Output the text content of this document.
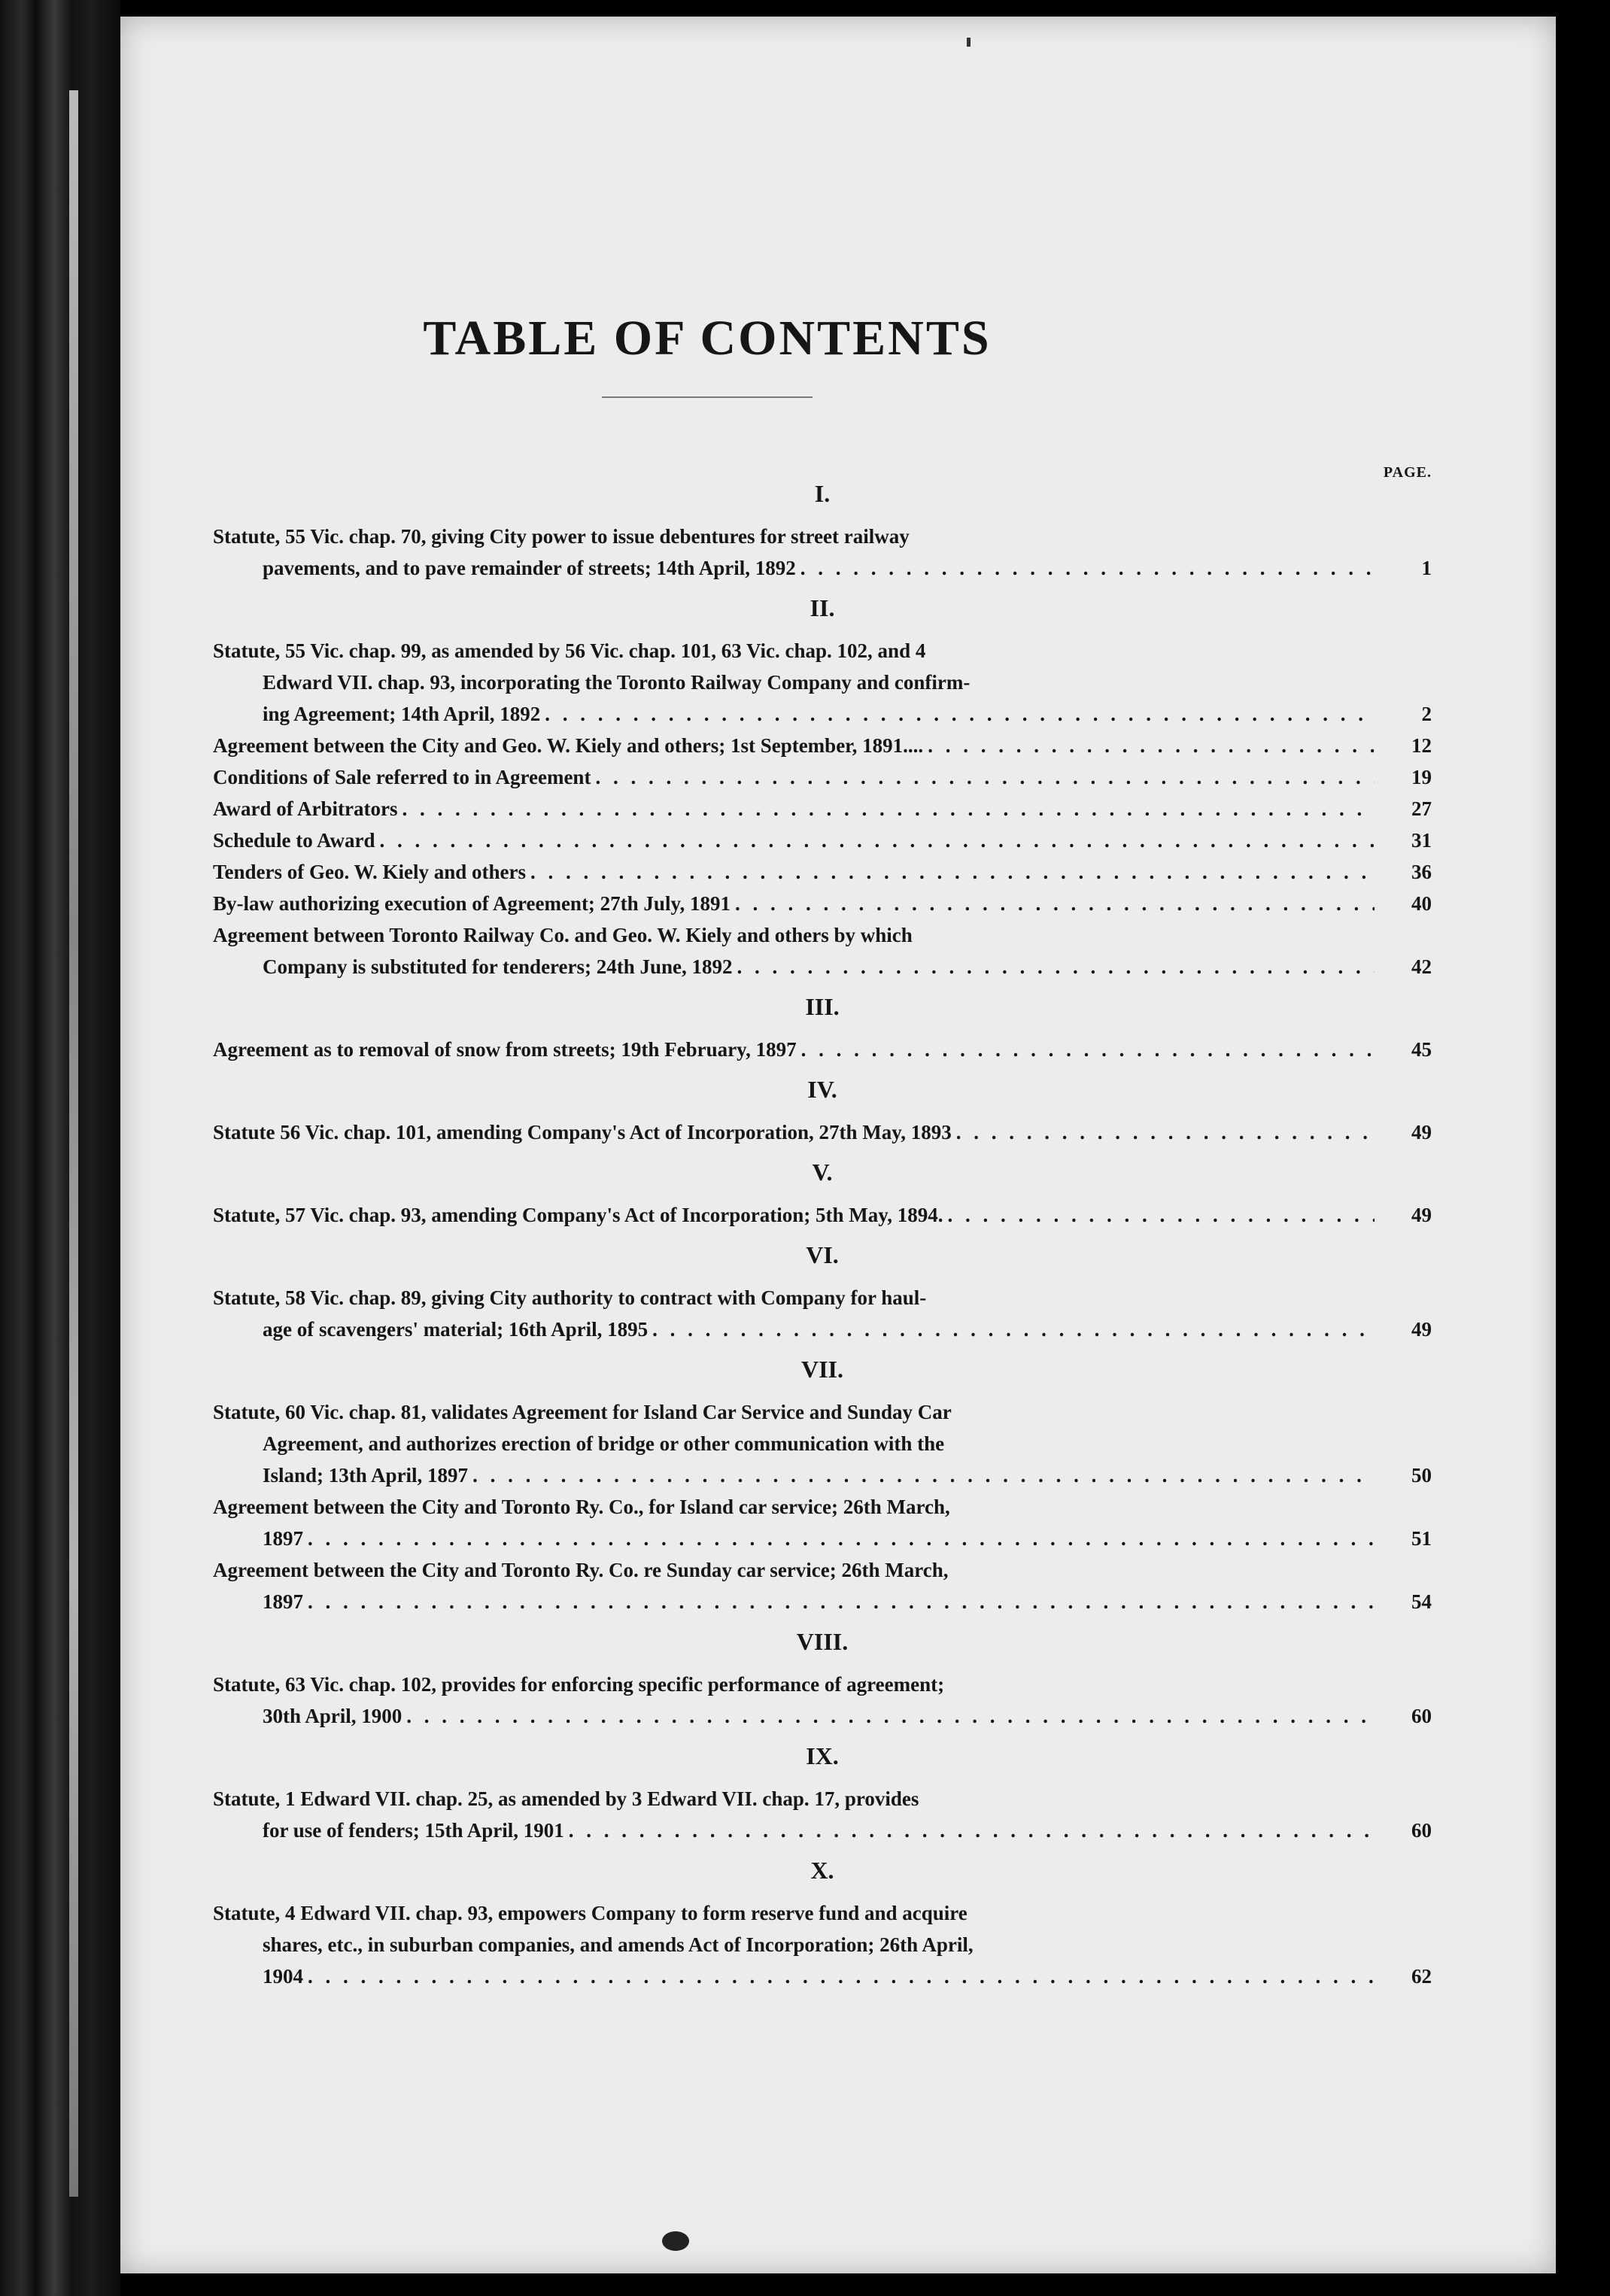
TABLE OF CONTENTS
PAGE.
I.
Statute, 55 Vic. chap. 70, giving City power to issue debentures for street railway
pavements, and to pave remainder of streets; 14th April, 1892 . . .	1
II.
Statute, 55 Vic. chap. 99, as amended by 56 Vic. chap. 101, 63 Vic. chap. 102, and 4
Edward VII. chap. 93, incorporating the Toronto Railway Company and confirm-
ing Agreement; 14th April, 1892 . . .	2
Agreement between the City and Geo. W. Kiely and others; 1st September, 1891.... . . .	12
Conditions of Sale referred to in Agreement . . .	19
Award of Arbitrators . . .	27
Schedule to Award . . .	31
Tenders of Geo. W. Kiely and others . . .	36
By-law authorizing execution of Agreement; 27th July, 1891 . . .	40
Agreement between Toronto Railway Co. and Geo. W. Kiely and others by which
Company is substituted for tenderers; 24th June, 1892 . . .	42
III.
Agreement as to removal of snow from streets; 19th February, 1897 . . .	45
IV.
Statute 56 Vic. chap. 101, amending Company's Act of Incorporation, 27th May, 1893 . . .	49
V.
Statute, 57 Vic. chap. 93, amending Company's Act of Incorporation; 5th May, 1894. . . .	49
VI.
Statute, 58 Vic. chap. 89, giving City authority to contract with Company for haul-
age of scavengers' material; 16th April, 1895 . . .	49
VII.
Statute, 60 Vic. chap. 81, validates Agreement for Island Car Service and Sunday Car
Agreement, and authorizes erection of bridge or other communication with the
Island; 13th April, 1897 . . .	50
Agreement between the City and Toronto Ry. Co., for Island car service; 26th March,
1897 . . .	51
Agreement between the City and Toronto Ry. Co. re Sunday car service; 26th March,
1897 . . .	54
VIII.
Statute, 63 Vic. chap. 102, provides for enforcing specific performance of agreement;
30th April, 1900 . . .	60
IX.
Statute, 1 Edward VII. chap. 25, as amended by 3 Edward VII. chap. 17, provides
for use of fenders; 15th April, 1901 . . .	60
X.
Statute, 4 Edward VII. chap. 93, empowers Company to form reserve fund and acquire
shares, etc., in suburban companies, and amends Act of Incorporation; 26th April,
1904 . . .	62
